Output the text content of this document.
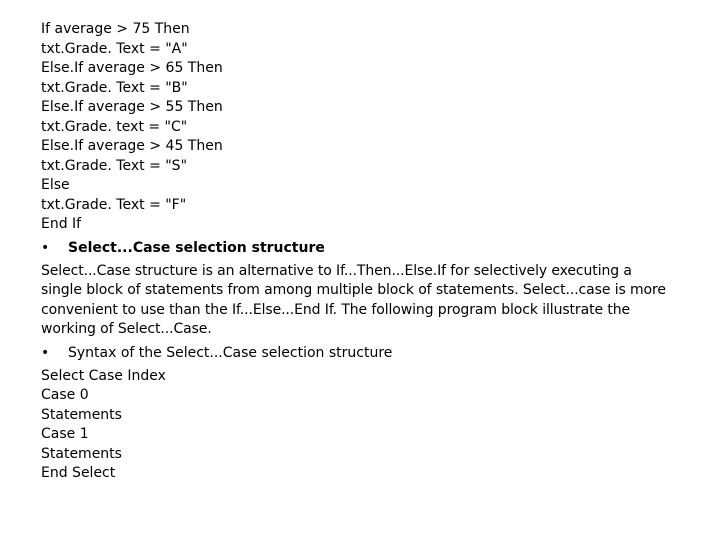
If average > 75 Then
txt.Grade. Text = "A"
Else.If average > 65 Then
txt.Grade. Text = "B"
Else.If average > 55 Then
txt.Grade. text = "C"
Else.If average > 45 Then
txt.Grade. Text = "S"
Else
txt.Grade. Text = "F"
End If
• Select...Case selection structure
Select...Case structure is an alternative to If...Then...Else.If for selectively executing a single block of statements from among multiple block of statements. Select...case is more convenient to use than the If...Else...End If. The following program block illustrate the working of Select...Case.
• Syntax of the Select...Case selection structure
Select Case Index
Case 0
Statements
Case 1
Statements
End Select
